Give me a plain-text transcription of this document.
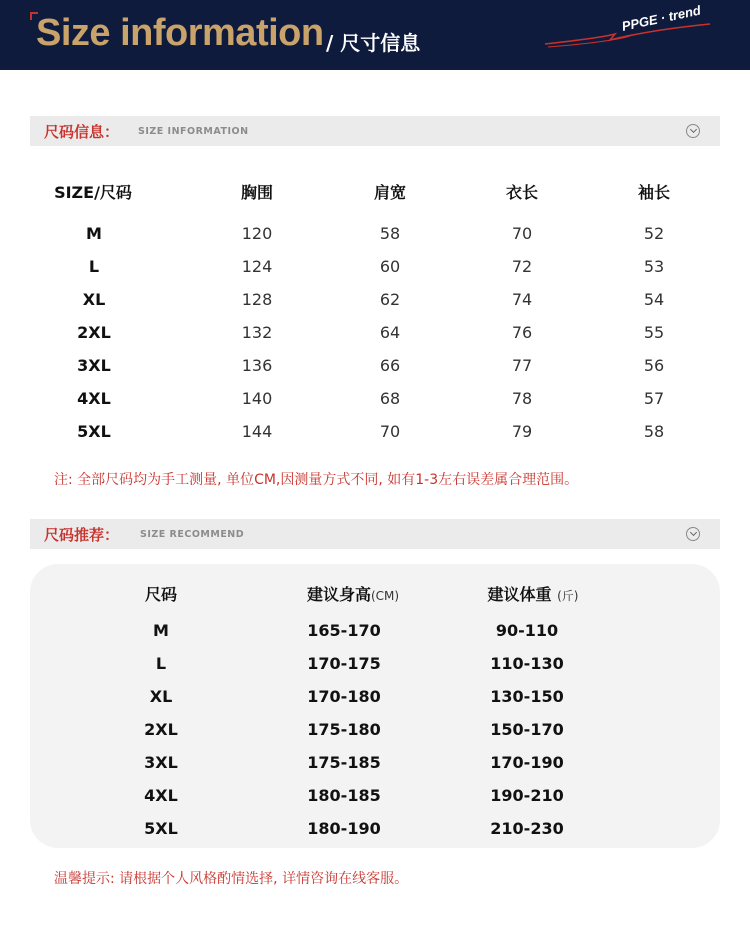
Size information / 尺寸信息
PPGE · trend
尺码信息： SIZE INFORMATION
SIZE/尺码	胸围	肩宽	衣长	袖长
M	120	58	70	52
L	124	60	72	53
XL	128	62	74	54
2XL	132	64	76	55
3XL	136	66	77	56
4XL	140	68	78	57
5XL	144	70	79	58
注: 全部尺码均为手工测量, 单位CM,因测量方式不同, 如有1-3左右误差属合理范围。
尺码推荐： SIZE RECOMMEND
尺码	建议身高(CM)	建议体重 (斤)
M	165-170	90-110
L	170-175	110-130
XL	170-180	130-150
2XL	175-180	150-170
3XL	175-185	170-190
4XL	180-185	190-210
5XL	180-190	210-230
温馨提示: 请根据个人风格酌情选择, 详情咨询在线客服。
